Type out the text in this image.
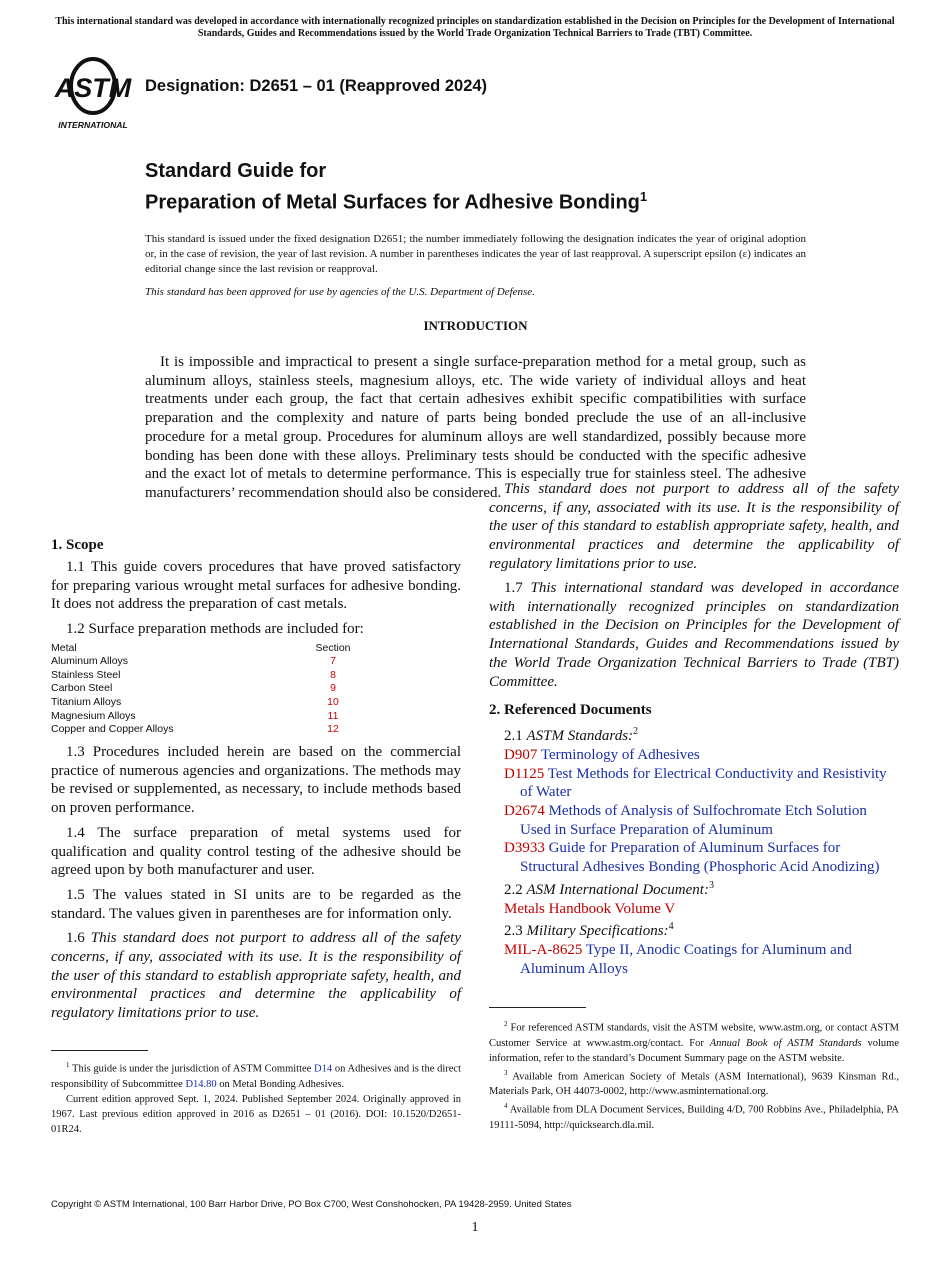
This international standard was developed in accordance with internationally recognized principles on standardization established in the Decision on Principles for the Development of International Standards, Guides and Recommendations issued by the World Trade Organization Technical Barriers to Trade (TBT) Committee.
ASTM
INTERNATIONAL
Designation: D2651 – 01 (Reapproved 2024)
Standard Guide for
Preparation of Metal Surfaces for Adhesive Bonding$^1$
This standard is issued under the fixed designation D2651; the number immediately following the designation indicates the year of original adoption or, in the case of revision, the year of last revision. A number in parentheses indicates the year of last reapproval. A superscript epsilon (ε) indicates an editorial change since the last revision or reapproval.
This standard has been approved for use by agencies of the U.S. Department of Defense.
INTRODUCTION
It is impossible and impractical to present a single surface-preparation method for a metal group, such as aluminum alloys, stainless steels, magnesium alloys, etc. The wide variety of individual alloys and heat treatments under each group, the fact that certain adhesives exhibit specific compatibilities with surface preparation and the complexity and nature of parts being bonded preclude the use of an all-inclusive procedure for a metal group. Procedures for aluminum alloys are well standardized, possibly because more bonding has been done with these alloys. Preliminary tests should be conducted with the specific adhesive and the exact lot of metals to determine performance. This is especially true for stainless steel. The adhesive manufacturers’ recommendation should also be considered.
1. Scope

1.1 This guide covers procedures that have proved satisfactory for preparing various wrought metal surfaces for adhesive bonding. It does not address the preparation of cast metals.

1.2 Surface preparation methods are included for:

Metal	Section
Aluminum Alloys	7
Stainless Steel	8
Carbon Steel	9
Titanium Alloys	10
Magnesium Alloys	11
Copper and Copper Alloys	12

1.3 Procedures included herein are based on the commercial practice of numerous agencies and organizations. The methods may be revised or supplemented, as necessary, to include methods based on proven performance.

1.4 The surface preparation of metal systems used for qualification and quality control testing of the adhesive should be agreed upon by both manufacturer and user.

1.5 The values stated in SI units are to be regarded as the standard. The values given in parentheses are for information only.

1.6 This standard does not purport to address all of the safety concerns, if any, associated with its use. It is the responsibility of the user of this standard to establish appropriate safety, health, and environmental practices and determine the applicability of regulatory limitations prior to use.

$^1$ This guide is under the jurisdiction of ASTM Committee D14 on Adhesives and is the direct responsibility of Subcommittee D14.80 on Metal Bonding Adhesives.
Current edition approved Sept. 1, 2024. Published September 2024. Originally approved in 1967. Last previous edition approved in 2016 as D2651 – 01 (2016). DOI: 10.1520/D2651-01R24.
This standard does not purport to address all of the safety concerns, if any, associated with its use. It is the responsibility of the user of this standard to establish appropriate safety, health, and environmental practices and determine the applicability of regulatory limitations prior to use.

1.7 This international standard was developed in accordance with internationally recognized principles on standardization established in the Decision on Principles for the Development of International Standards, Guides and Recommendations issued by the World Trade Organization Technical Barriers to Trade (TBT) Committee.

2. Referenced Documents
2.1 ASTM Standards:$^2$
D907 Terminology of Adhesives
D1125 Test Methods for Electrical Conductivity and Resistivity of Water
D2674 Methods of Analysis of Sulfochromate Etch Solution Used in Surface Preparation of Aluminum
D3933 Guide for Preparation of Aluminum Surfaces for Structural Adhesives Bonding (Phosphoric Acid Anodizing)
2.2 ASM International Document:$^3$
Metals Handbook Volume V
2.3 Military Specifications:$^4$
MIL-A-8625 Type II, Anodic Coatings for Aluminum and Aluminum Alloys
$^2$ For referenced ASTM standards, visit the ASTM website, www.astm.org, or contact ASTM Customer Service at www.astm.org/contact. For Annual Book of ASTM Standards volume information, refer to the standard’s Document Summary page on the ASTM website.
$^3$ Available from American Society of Metals (ASM International), 9639 Kinsman Rd., Materials Park, OH 44073-0002, http://www.asminternational.org.
$^4$ Available from DLA Document Services, Building 4/D, 700 Robbins Ave., Philadelphia, PA 19111-5094, http://quicksearch.dla.mil.
Copyright © ASTM International, 100 Barr Harbor Drive, PO Box C700, West Conshohocken, PA 19428-2959. United States
1
